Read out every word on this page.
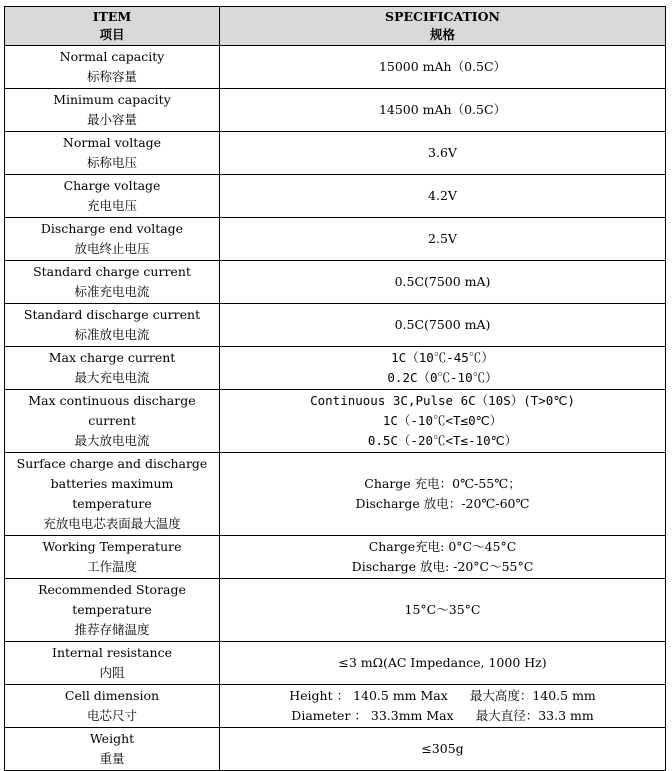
ITEM
项目	SPECIFICATION
规格

Normal capacity
标称容量	15000 mAh（0.5C）

Minimum capacity
最小容量	14500 mAh（0.5C）

Normal voltage
标称电压	3.6V

Charge voltage
充电电压	4.2V

Discharge end voltage
放电终止电压	2.5V

Standard charge current
标准充电电流	0.5C(7500 mA)

Standard discharge current
标准放电电流	0.5C(7500 mA)

Max charge current
最大充电电流	1C（10℃-45℃）
0.2C（0℃-10℃）

Max continuous discharge current
最大放电电流	Continuous 3C,Pulse 6C（10S）(T>0℃)
1C（-10℃<T≤0℃）
0.5C（-20℃<T≤-10℃）

Surface charge and discharge
batteries maximum temperature
充放电电芯表面最大温度	Charge 充电：0℃-55℃；
Discharge 放电：-20℃-60℃

Working Temperature
工作温度	Charge充电: 0°C～45°C
Discharge 放电: -20°C～55°C

Recommended Storage temperature
推荐存储温度	15°C～35°C

Internal resistance
内阻	≤3 mΩ(AC Impedance, 1000 Hz)

Cell dimension
电芯尺寸	Height ： 140.5 mm Max 最大高度：140.5 mm
Diameter ： 33.3mm Max 最大直径：33.3 mm

Weight
重量	≤305g
